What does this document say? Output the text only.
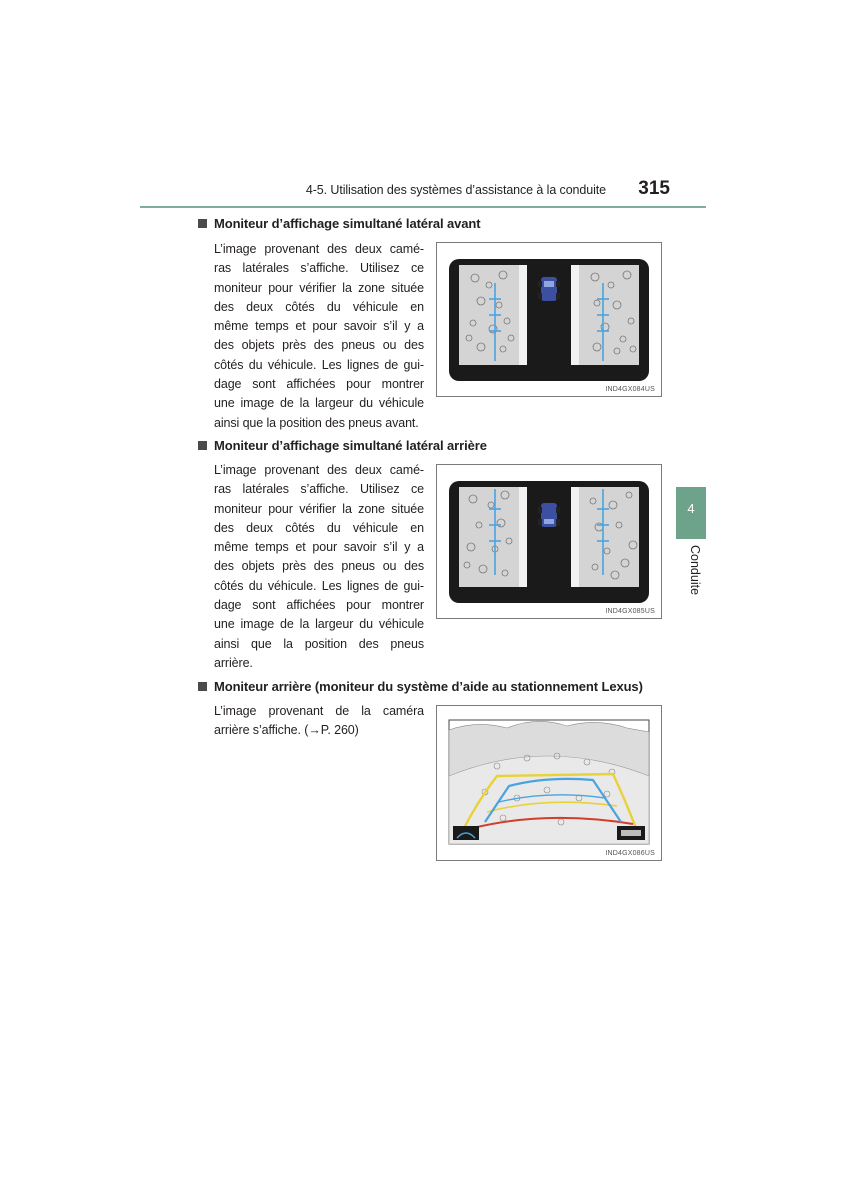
4-5. Utilisation des systèmes d’assistance à la conduite	315
Moniteur d’affichage simultané latéral avant
L’image provenant des deux camé-
ras latérales s’affiche. Utilisez ce
moniteur pour vérifier la zone située
des deux côtés du véhicule en
même temps et pour savoir s’il y a
des objets près des pneus ou des
côtés du véhicule. Les lignes de gui-
dage sont affichées pour montrer
une image de la largeur du véhicule
ainsi que la position des pneus avant.
IND4GX084US
Moniteur d’affichage simultané latéral arrière
L’image provenant des deux camé-
ras latérales s’affiche. Utilisez ce
moniteur pour vérifier la zone située
des deux côtés du véhicule en
même temps et pour savoir s’il y a
des objets près des pneus ou des
côtés du véhicule. Les lignes de gui-
dage sont affichées pour montrer
une image de la largeur du véhicule
ainsi que la position des pneus
arrière.
IND4GX085US
Moniteur arrière (moniteur du système d’aide au stationnement Lexus)
L’image provenant de la caméra
arrière s’affiche. (→P. 260)
IND4GX086US
4
Conduite
